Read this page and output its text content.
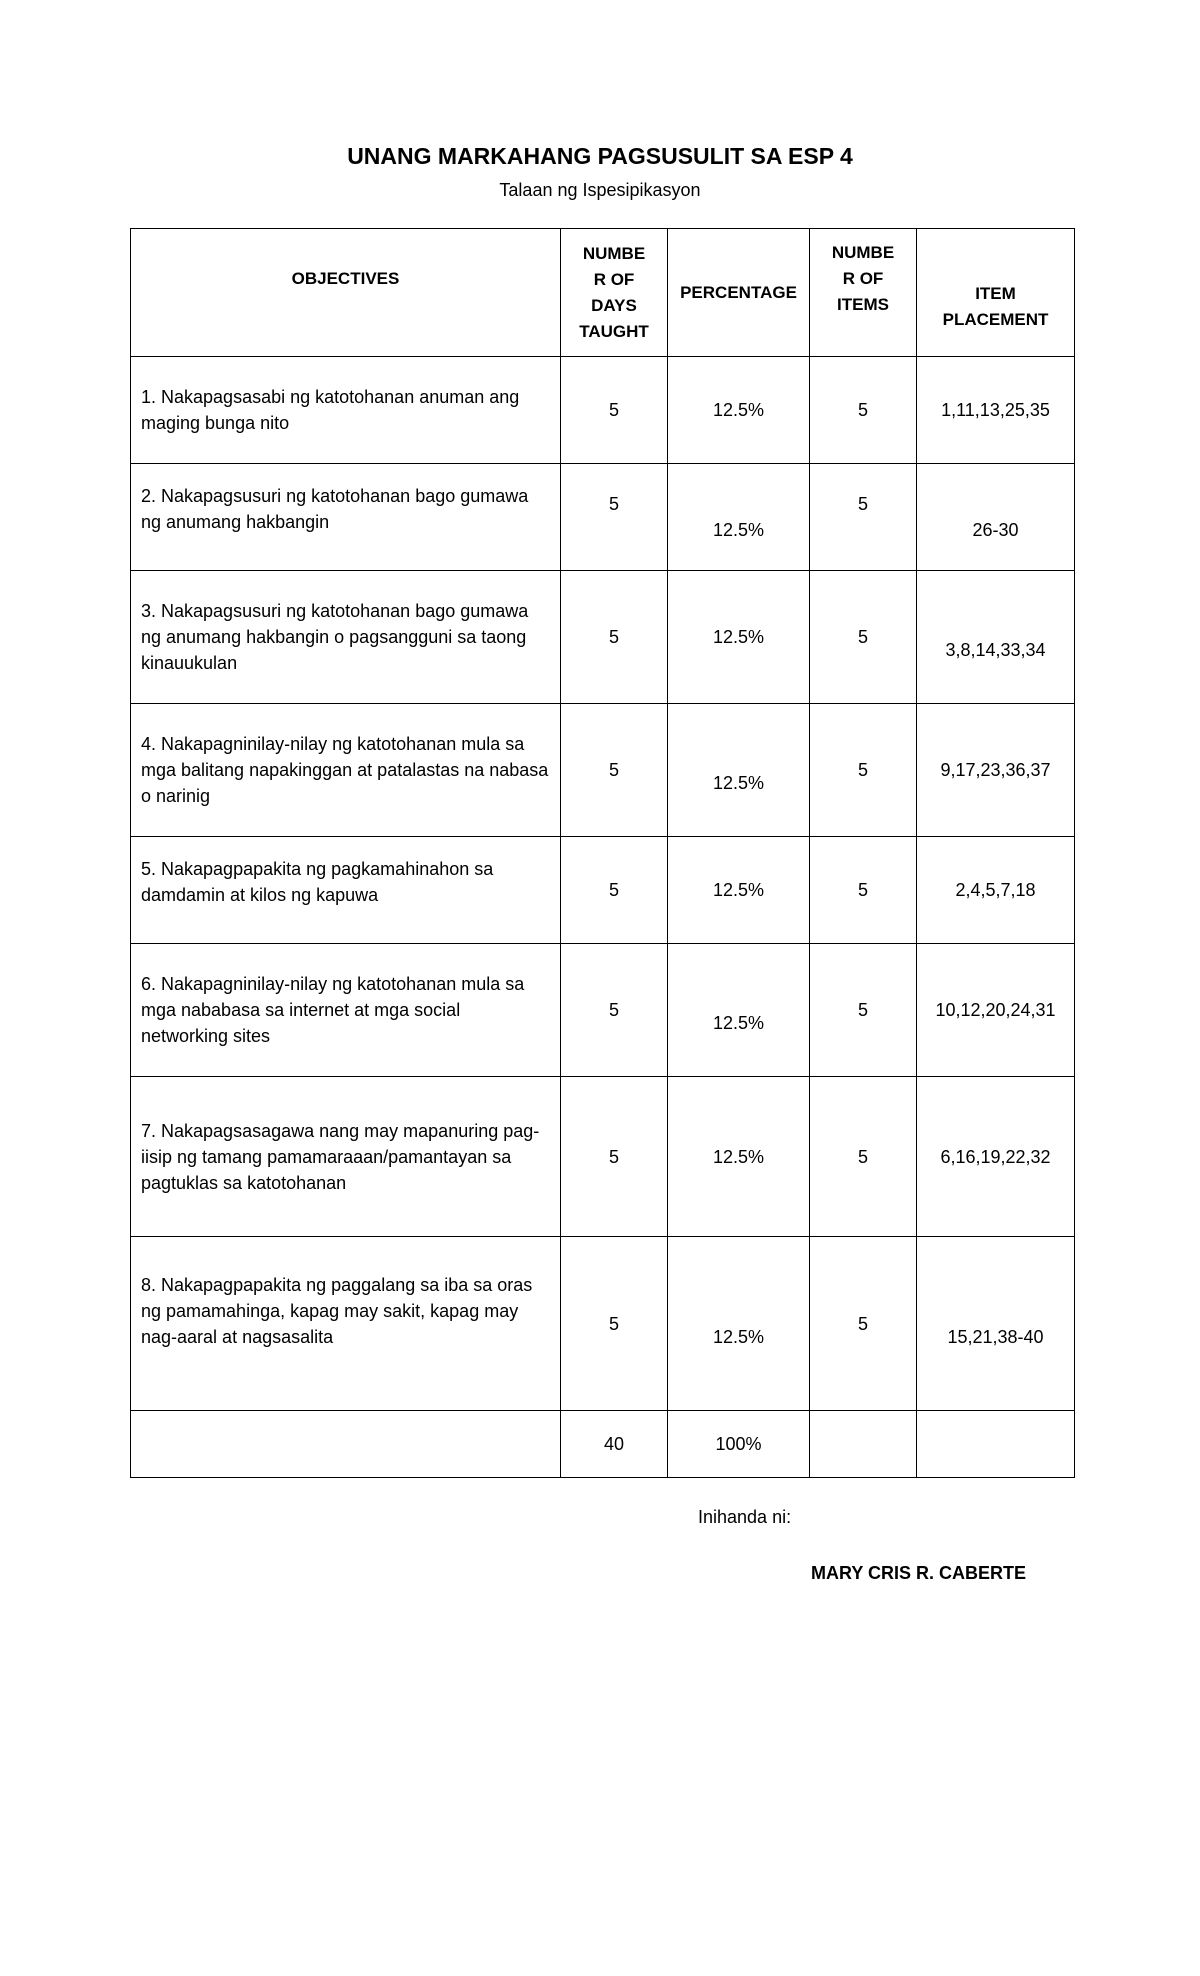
UNANG MARKAHANG PAGSUSULIT SA ESP 4
Talaan ng Ispesipikasyon
OBJECTIVES	NUMBE
R OF
DAYS
TAUGHT	PERCENTAGE	NUMBE
R OF
ITEMS	ITEM
PLACEMENT

1. Nakapagsasabi ng katotohanan anuman ang maging bunga nito	5	12.5%	5	1,11,13,25,35

2. Nakapagsusuri ng katotohanan bago gumawa ng anumang hakbangin	5	12.5%	5	26-30

3. Nakapagsusuri ng katotohanan bago gumawa ng anumang hakbangin o pagsangguni sa taong kinauukulan	5	12.5%	5	3,8,14,33,34

4. Nakapagninilay-nilay ng katotohanan mula sa mga balitang napakinggan at patalastas na nabasa o narinig	5	12.5%	5	9,17,23,36,37

5. Nakapagpapakita ng pagkamahinahon sa damdamin at kilos ng kapuwa	5	12.5%	5	2,4,5,7,18

6. Nakapagninilay-nilay ng katotohanan mula sa mga nababasa sa internet at mga social networking sites	5	12.5%	5	10,12,20,24,31

7. Nakapagsasagawa nang may mapanuring pag-iisip ng tamang pamamaraaan/pamantayan sa pagtuklas sa katotohanan	5	12.5%	5	6,16,19,22,32

8. Nakapagpapakita ng paggalang sa iba sa oras ng pamamahinga, kapag may sakit, kapag may nag-aaral at nagsasalita	5	12.5%	5	15,21,38-40

	40	100%		
Inihanda ni:
MARY CRIS R. CABERTE
